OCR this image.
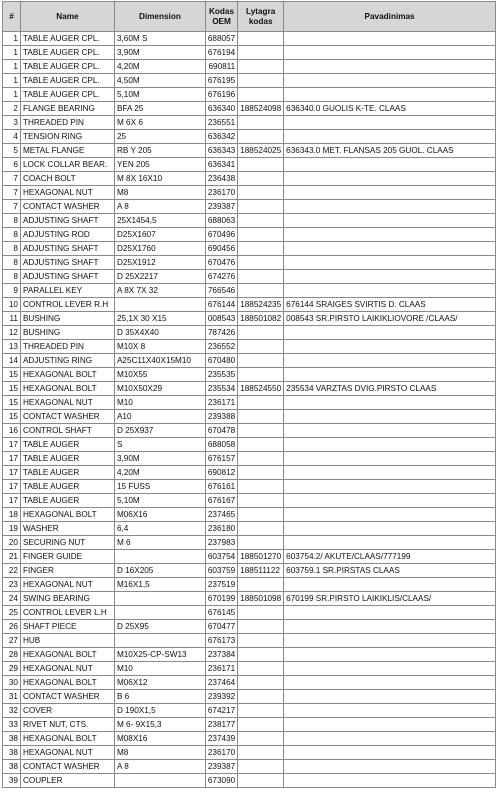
#	Name	Dimension	Kodas OEM	Lytagra kodas	Pavadinimas
1	TABLE AUGER CPL.	3,60M S	688057		
1	TABLE AUGER CPL.	3,90M	676194		
1	TABLE AUGER CPL.	4,20M	690811		
1	TABLE AUGER CPL.	4,50M	676195		
1	TABLE AUGER CPL.	5,10M	676196		
2	FLANGE BEARING	BFA 25	636340	188524098	636340.0 GUOLIS K-TE. CLAAS
3	THREADED PIN	M 6X 6	236551		
4	TENSION RING	25	636342		
5	METAL FLANGE	RB Y 205	636343	188524025	636343.0 MET. FLANSAS 205 GUOL. CLAAS
6	LOCK COLLAR BEAR.	YEN 205	636341		
7	COACH BOLT	M 8X 16X10	236438		
7	HEXAGONAL NUT	M8	236170		
7	CONTACT WASHER	A 8	239387		
8	ADJUSTING SHAFT	25X1454,5	688063		
8	ADJUSTING ROD	D25X1607	670496		
8	ADJUSTING SHAFT	D25X1760	690456		
8	ADJUSTING SHAFT	D25X1912	670476		
8	ADJUSTING SHAFT	D 25X2217	674276		
9	PARALLEL KEY	A 8X 7X 32	766546		
10	CONTROL LEVER R.H		676144	188524235	676144 SRAIGES SVIRTIS D. CLAAS
11	BUSHING	25,1X 30 X15	008543	188501082	008543 SR.PIRSTO LAIKIKLIOVORE /CLAAS/
12	BUSHING	D 35X4X40	787426		
13	THREADED PIN	M10X 8	236552		
14	ADJUSTING RING	A25C11X40X15M10	670480		
15	HEXAGONAL BOLT	M10X55	235535		
15	HEXAGONAL BOLT	M10X50X29	235534	188524550	235534 VARZTAS DVIG.PIRSTO CLAAS
15	HEXAGONAL NUT	M10	236171		
15	CONTACT WASHER	A10	239388		
16	CONTROL SHAFT	D 25X937	670478		
17	TABLE AUGER	S	688058		
17	TABLE AUGER	3,90M	676157		
17	TABLE AUGER	4,20M	690812		
17	TABLE AUGER	15 FUSS	676161		
17	TABLE AUGER	5,10M	676167		
18	HEXAGONAL BOLT	M06X16	237465		
19	WASHER	6,4	236180		
20	SECURING NUT	M 6	237983		
21	FINGER GUIDE		603754	188501270	603754.2/ AKUTE/CLAAS/777199
22	FINGER	D 16X205	603759	188511122	603759.1 SR.PIRSTAS CLAAS
23	HEXAGONAL NUT	M16X1,5	237519		
24	SWING BEARING		670199	188501098	670199 SR.PIRSTO LAIKIKLIS/CLAAS/
25	CONTROL LEVER L.H		676145		
26	SHAFT PIECE	D 25X95	670477		
27	HUB		676173		
28	HEXAGONAL BOLT	M10X25-CP-SW13	237384		
29	HEXAGONAL NUT	M10	236171		
30	HEXAGONAL BOLT	M06X12	237464		
31	CONTACT WASHER	B 6	239392		
32	COVER	D 190X1,5	674217		
33	RIVET NUT, CTS.	M 6- 9X15,3	238177		
38	HEXAGONAL BOLT	M08X16	237439		
38	HEXAGONAL NUT	M8	236170		
38	CONTACT WASHER	A 8	239387		
39	COUPLER		673090		
